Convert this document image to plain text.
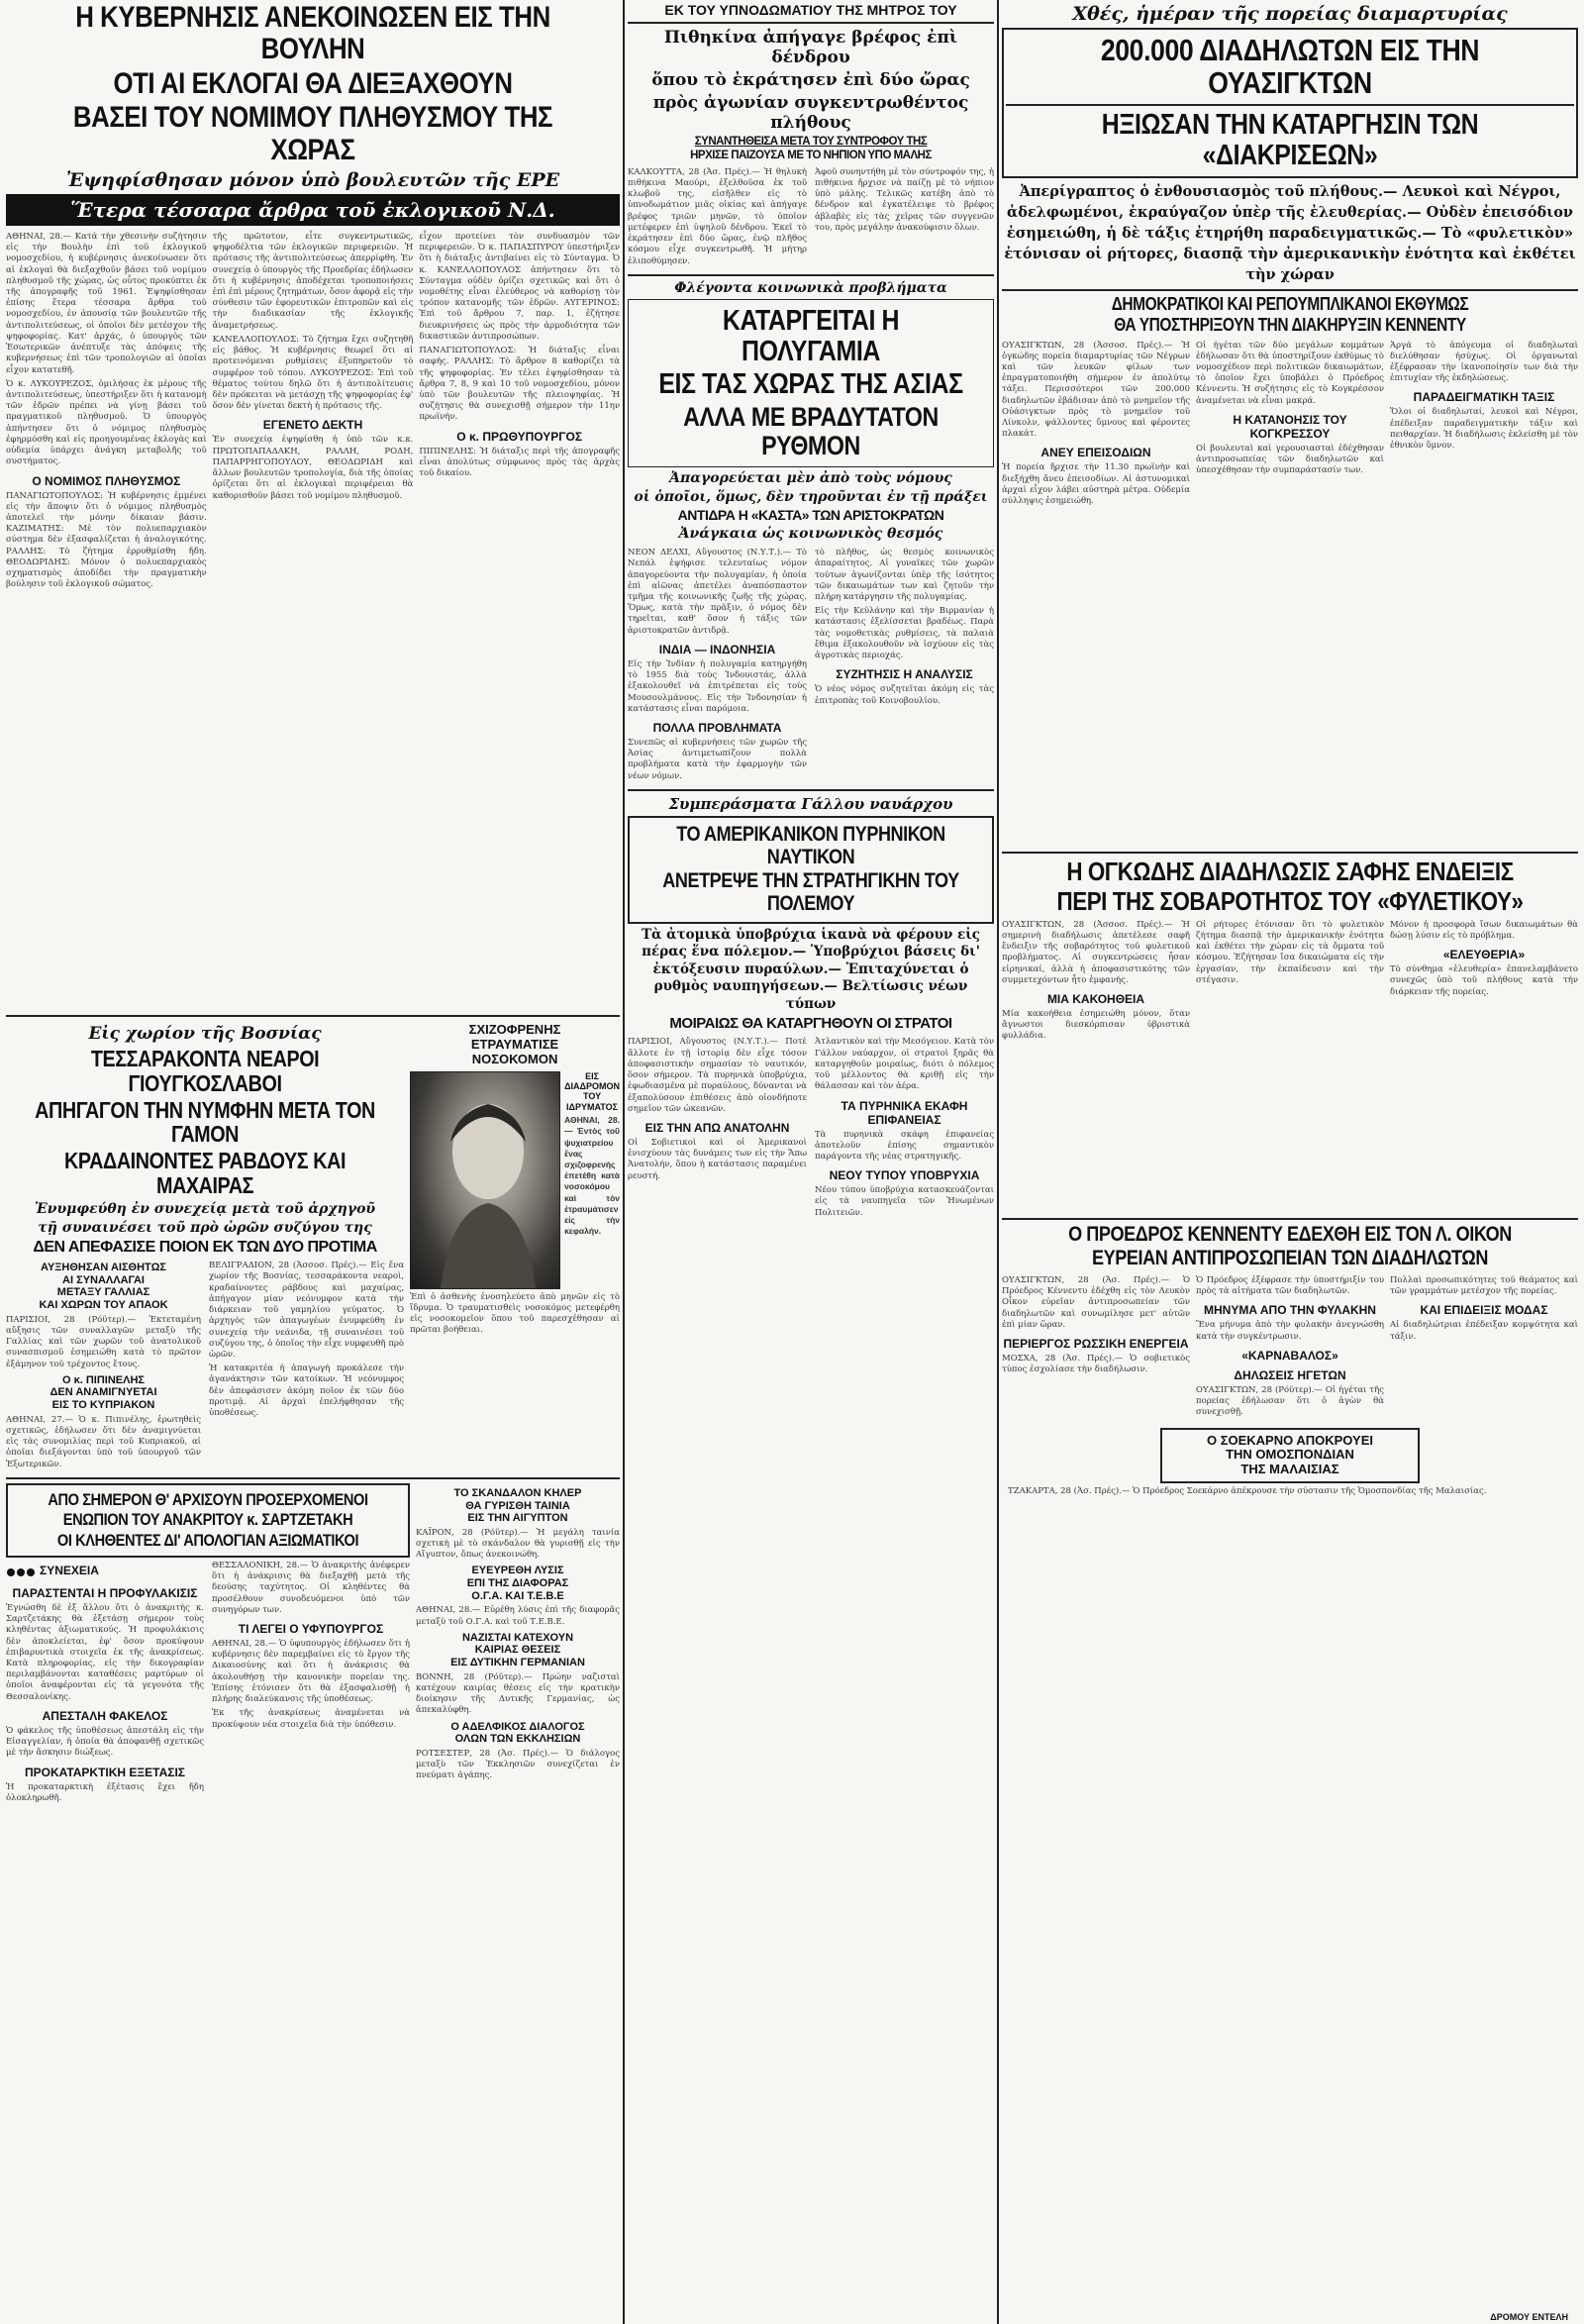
Η ΚΥΒΕΡΝΗΣΙΣ ΑΝΕΚΟΙΝΩΣΕΝ ΕΙΣ ΤΗΝ ΒΟΥΛΗΝ
ΟΤΙ ΑΙ ΕΚΛΟΓΑΙ ΘΑ ΔΙΕΞΑΧΘΟΥΝ
ΒΑΣΕΙ ΤΟΥ ΝΟΜΙΜΟΥ ΠΛΗΘΥΣΜΟΥ ΤΗΣ ΧΩΡΑΣ
Ἐψηφίσθησαν μόνον ὑπὸ βουλευτῶν τῆς ΕΡΕ
Ἕτερα τέσσαρα ἄρθρα τοῦ ἐκλογικοῦ Ν.Δ.

ΑΘΗΝΑΙ, 28.— Κατά τὴν χθεσινὴν συζήτησιν εἰς τὴν Βουλὴν ἐπὶ τοῦ ἐκλογικοῦ νομοσχεδίου, ἡ κυβέρνησις ἀνεκοίνωσεν ὅτι αἱ ἐκλογαὶ θὰ διεξαχθοῦν βάσει τοῦ νομίμου πληθυσμοῦ τῆς χώρας, ὡς οὗτος προκύπτει ἐκ τῆς ἀπογραφῆς τοῦ 1961. Ἐψηφίσθησαν ἐπίσης ἕτερα τέσσαρα ἄρθρα τοῦ νομοσχεδίου, ἐν ἀπουσίᾳ τῶν βουλευτῶν τῆς ἀντιπολιτεύσεως, οἱ ὁποῖοι δὲν μετέσχον τῆς ψηφοφορίας. Κατ' ἀρχάς, ὁ ὑπουργὸς τῶν Ἐσωτερικῶν ἀνέπτυξε τὰς ἀπόψεις τῆς κυβερνήσεως ἐπὶ τῶν τροπολογιῶν αἱ ὁποῖαι εἶχον κατατεθῆ.

Ὁ κ. ΛΥΚΟΥΡΕΖΟΣ, ὁμιλήσας ἐκ μέρους τῆς ἀντιπολιτεύσεως, ὑπεστήριξεν ὅτι ἡ κατανομὴ τῶν ἑδρῶν πρέπει νὰ γίνῃ βάσει τοῦ πραγματικοῦ πληθυσμοῦ. Ὁ ὑπουργὸς ἀπήντησεν ὅτι ὁ νόμιμος πληθυσμὸς ἐφηρμόσθη καὶ εἰς προηγουμένας ἐκλογὰς καὶ οὐδεμία ὑπάρχει ἀνάγκη μεταβολῆς τοῦ συστήματος.

Ο ΝΟΜΙΜΟΣ ΠΛΗΘΥΣΜΟΣ

ΠΑΝΑΓΙΩΤΟΠΟΥΛΟΣ: Ἡ κυβέρνησις ἐμμένει εἰς τὴν ἄποψιν ὅτι ὁ νόμιμος πληθυσμὸς ἀποτελεῖ τὴν μόνην δίκαιαν βάσιν. ΚΑΖΙΜΑΤΗΣ: Μὲ τὸν πολυεπαρχιακὸν σύστημα δὲν ἐξασφαλίζεται ἡ ἀναλογικότης. ΡΑΛΛΗΣ: Τὸ ζήτημα ἐρρυθμίσθη ἤδη. ΘΕΟΔΩΡΙΔΗΣ: Μόνον ὁ πολυεπαρχιακὸς σχηματισμὸς ἀποδίδει τὴν πραγματικὴν βούλησιν τοῦ ἐκλογικοῦ σώματος.

τῆς πρῶτοτον, εἶτε συγκεντρωτικῶς, ψηφοδέλτια τῶν ἐκλογικῶν περιφερειῶν. Ἡ πρότασις τῆς ἀντιπολιτεύσεως ἀπερρίφθη. Ἐν συνεχείᾳ ὁ ὑπουργὸς τῆς Προεδρίας ἐδήλωσεν ὅτι ἡ κυβέρνησις ἀποδέχεται τροποποιήσεις ἐπὶ ἐπὶ μέρους ζητημάτων, ὅσον ἀφορᾷ εἰς τὴν σύνθεσιν τῶν ἐφορευτικῶν ἐπιτροπῶν καὶ εἰς τὴν διαδικασίαν τῆς ἐκλογικῆς ἀναμετρήσεως.

ΚΑΝΕΛΛΟΠΟΥΛΟΣ: Τὸ ζήτημα ἔχει συζητηθῆ εἰς βάθος. Ἡ κυβέρνησις θεωρεῖ ὅτι αἱ προτεινόμεναι ρυθμίσεις ἐξυπηρετοῦν τὸ συμφέρον τοῦ τόπου. ΛΥΚΟΥΡΕΖΟΣ: Ἐπὶ τοῦ θέματος τούτου δηλῶ ὅτι ἡ ἀντιπολίτευσις δὲν πρόκειται νὰ μετάσχῃ τῆς ψηφοφορίας ἐφ' ὅσον δὲν γίνεται δεκτὴ ἡ πρότασις τῆς.

ΕΓΕΝΕΤΟ ΔΕΚΤΗ

Ἐν συνεχείᾳ ἐψηφίσθη ἡ ὑπὸ τῶν κ.κ. ΠΡΩΤΟΠΑΠΑΔΑΚΗ, ΡΑΛΛΗ, ΡΟΔΗ, ΠΑΠΑΡΡΗΓΟΠΟΥΛΟΥ, ΘΕΟΔΩΡΙΔΗ καὶ ἄλλων βουλευτῶν τροπολογία, διὰ τῆς ὁποίας ὁρίζεται ὅτι αἱ ἐκλογικαὶ περιφέρειαι θὰ καθορισθοῦν βάσει τοῦ νομίμου πληθυσμοῦ.

εἶχον προτείνει τὸν συνδυασμὸν τῶν περιφερειῶν. Ὁ κ. ΠΑΠΑΣΠΥΡΟΥ ὑπεστήριξεν ὅτι ἡ διάταξις ἀντιβαίνει εἰς τὸ Σύνταγμα. Ὁ κ. ΚΑΝΕΛΛΟΠΟΥΛΟΣ ἀπήντησεν ὅτι τὸ Σύνταγμα οὐδὲν ὁρίζει σχετικῶς καὶ ὅτι ὁ νομοθέτης εἶναι ἐλεύθερος νὰ καθορίσῃ τὸν τρόπον κατανομῆς τῶν ἑδρῶν. ΑΥΓΕΡΙΝΟΣ: Ἐπὶ τοῦ ἄρθρου 7, παρ. 1, ἐζήτησε διευκρινήσεις ὡς πρὸς τὴν ἀρμοδιότητα τῶν δικαστικῶν ἀντιπροσώπων.

ΠΑΝΑΓΙΩΤΟΠΟΥΛΟΣ: Ἡ διάταξις εἶναι σαφής. ΡΑΛΛΗΣ: Τὸ ἄρθρον 8 καθορίζει τὰ τῆς ψηφοφορίας. Ἐν τέλει ἐψηφίσθησαν τὰ ἄρθρα 7, 8, 9 καὶ 10 τοῦ νομοσχεδίου, μόνον ὑπὸ τῶν βουλευτῶν τῆς πλειοψηφίας. Ἡ συζήτησις θὰ συνεχισθῇ σήμερον τὴν 11ην πρωϊνήν.

Ο κ. ΠΡΩΘΥΠΟΥΡΓΟΣ

ΠΙΠΙΝΕΛΗΣ: Ἡ διάταξις περὶ τῆς ἀπογραφῆς εἶναι ἀπολύτως σύμφωνος πρὸς τὰς ἀρχὰς τοῦ δικαίου.

Εἰς χωρίον τῆς Βοσνίας
ΤΕΣΣΑΡΑΚΟΝΤΑ ΝΕΑΡΟΙ ΓΙΟΥΓΚΟΣΛΑΒΟΙ
ΑΠΗΓΑΓΟΝ ΤΗΝ ΝΥΜΦΗΝ ΜΕΤΑ ΤΟΝ ΓΑΜΟΝ
ΚΡΑΔΑΙΝΟΝΤΕΣ ΡΑΒΔΟΥΣ ΚΑΙ ΜΑΧΑΙΡΑΣ
Ἐνυμφεύθη ἐν συνεχείᾳ μετὰ τοῦ ἀρχηγοῦ
τῇ συναινέσει τοῦ πρὸ ὡρῶν συζύγου της
ΔΕΝ ΑΠΕΦΑΣΙΣΕ ΠΟΙΟΝ ΕΚ ΤΩΝ ΔΥΟ ΠΡΟΤΙΜΑ
ΑΥΞΗΘΗΣΑΝ ΑΙΣΘΗΤΩΣ
ΑΙ ΣΥΝΑΛΛΑΓΑΙ
ΜΕΤΑΞΥ ΓΑΛΛΙΑΣ
ΚΑΙ ΧΩΡΩΝ ΤΟΥ ΑΠΑΟΚ

ΠΑΡΙΣΙΟΙ, 28 (Ρόϋτερ).— Ἐκτεταμένη αὔξησις τῶν συναλλαγῶν μεταξὺ τῆς Γαλλίας καὶ τῶν χωρῶν τοῦ ἀνατολικοῦ συνασπισμοῦ ἐσημειώθη κατὰ τὸ πρῶτον ἑξάμηνον τοῦ τρέχοντος ἔτους.

Ο κ. ΠΙΠΙΝΕΛΗΣ
ΔΕΝ ΑΝΑΜΙΓΝΥΕΤΑΙ
ΕΙΣ ΤΟ ΚΥΠΡΙΑΚΟΝ

ΑΘΗΝΑΙ, 27.— Ὁ κ. Πιπινέλης, ἐρωτηθεὶς σχετικῶς, ἐδήλωσεν ὅτι δὲν ἀναμιγνύεται εἰς τὰς συνομιλίας περὶ τοῦ Κυπριακοῦ, αἱ ὁποῖαι διεξάγονται ὑπὸ τοῦ ὑπουργοῦ τῶν Ἐξωτερικῶν.

ΒΕΛΙΓΡΑΔΙΟΝ, 28 (Ἀσσοσ. Πρές).— Εἰς ἕνα χωρίον τῆς Βοσνίας, τεσσαράκοντα νεαροὶ, κραδαίνοντες ράβδους καὶ μαχαίρας, ἀπήγαγον μίαν νεόνυμφον κατὰ τὴν διάρκειαν τοῦ γαμηλίου γεύματος. Ὁ ἀρχηγὸς τῶν ἀπαγωγέων ἐνυμφεύθη ἐν συνεχείᾳ τὴν νεάνιδα, τῇ συναινέσει τοῦ συζύγου της, ὁ ὁποῖος τὴν εἶχε νυμφευθῆ πρὸ ὡρῶν.

Ἡ κατακριτέα ἡ ἀπαγωγὴ προκάλεσε τὴν ἀγανάκτησιν τῶν κατοίκων. Ἡ νεόνυμφος δὲν ἀπεφάσισεν ἀκόμη ποῖον ἐκ τῶν δύο προτιμᾷ. Αἱ ἀρχαὶ ἐπελήφθησαν τῆς ὑποθέσεως.

ΣΧΙΖΟΦΡΕΝΗΣ
ΕΤΡΑΥΜΑΤΙΣΕ
ΝΟΣΟΚΟΜΟΝ
ΕΙΣ ΔΙΑΔΡΟΜΟΝ
ΤΟΥ ΙΔΡΥΜΑΤΟΣ

ΑΘΗΝΑΙ, 28.— Ἐντὸς τοῦ ψυχιατρείου ἕνας σχιζοφρενὴς ἐπετέθη κατὰ νοσοκόμου καὶ τὸν ἐτραυμάτισεν εἰς τὴν κεφαλήν.

Ἐπὶ ὁ ἀσθενὴς ἐνοσηλεύετο ἀπὸ μηνῶν εἰς τὸ ἵδρυμα. Ὁ τραυματισθεὶς νοσοκόμος μετεφέρθη εἰς νοσοκομεῖον ὅπου τοῦ παρεσχέθησαν αἱ πρῶται βοήθειαι.

ΑΠΟ ΣΗΜΕΡΟΝ Θ' ΑΡΧΙΣΟΥΝ ΠΡΟΣΕΡΧΟΜΕΝΟΙ
ΕΝΩΠΙΟΝ ΤΟΥ ΑΝΑΚΡΙΤΟΥ κ. ΣΑΡΤΖΕΤΑΚΗ
ΟΙ ΚΛΗΘΕΝΤΕΣ ΔΙ' ΑΠΟΛΟΓΙΑΝ ΑΞΙΩΜΑΤΙΚΟΙ
ΣΥΝΕΧΕΙΑ
ΠΑΡΑΣΤΕΝΤΑΙ Η ΠΡΟΦΥΛΑΚΙΣΙΣ

Ἐγνώσθη δὲ ἐξ ἄλλου ὅτι ὁ ἀνακριτὴς κ. Σαρτζετάκης θὰ ἐξετάσῃ σήμερον τοὺς κληθέντας ἀξιωματικούς. Ἡ προφυλάκισις δὲν ἀποκλείεται, ἐφ' ὅσον προκύψουν ἐπιβαρυντικὰ στοιχεῖα ἐκ τῆς ἀνακρίσεως. Κατὰ πληροφορίας, εἰς τὴν δικογραφίαν περιλαμβάνονται καταθέσεις μαρτύρων οἱ ὁποῖοι ἀναφέρονται εἰς τὰ γεγονότα τῆς Θεσσαλονίκης.

ΑΠΕΣΤΑΛΗ ΦΑΚΕΛΟΣ

Ὁ φάκελος τῆς ὑποθέσεως ἀπεστάλη εἰς τὴν Εἰσαγγελίαν, ἡ ὁποία θὰ ἀποφανθῇ σχετικῶς μὲ τὴν ἄσκησιν διώξεως.

ΠΡΟΚΑΤΑΡΚΤΙΚΗ ΕΞΕΤΑΣΙΣ

Ἡ προκαταρκτικὴ ἐξέτασις ἔχει ἤδη ὁλοκληρωθῆ.

ΘΕΣΣΑΛΟΝΙΚΗ, 28.— Ὁ ἀνακριτὴς ἀνέφερεν ὅτι ἡ ἀνάκρισις θὰ διεξαχθῇ μετὰ τῆς δεούσης ταχύτητος. Οἱ κληθέντες θὰ προσέλθουν συνοδευόμενοι ὑπὸ τῶν συνηγόρων των.

ΤΙ ΛΕΓΕΙ Ο ΥΦΥΠΟΥΡΓΟΣ

ΑΘΗΝΑΙ, 28.— Ὁ ὑφυπουργὸς ἐδήλωσεν ὅτι ἡ κυβέρνησις δὲν παρεμβαίνει εἰς τὸ ἔργον τῆς Δικαιοσύνης καὶ ὅτι ἡ ἀνάκρισις θὰ ἀκολουθήσῃ τὴν κανονικὴν πορείαν της. Ἐπίσης ἐτόνισεν ὅτι θὰ ἐξασφαλισθῇ ἡ πλήρης διαλεύκανσις τῆς ὑποθέσεως.

Ἐκ τῆς ἀνακρίσεως ἀναμένεται νὰ προκύψουν νέα στοιχεῖα διὰ τὴν ὑπόθεσιν.

ΤΟ ΣΚΑΝΔΑΛΟΝ ΚΗΛΕΡ
ΘΑ ΓΥΡΙΣΘΗ ΤΑΙΝΙΑ
ΕΙΣ ΤΗΝ ΑΙΓΥΠΤΟΝ

ΚΑΪΡΟΝ, 28 (Ρόϋτερ).— Ἡ μεγάλη ταινία σχετικὴ μὲ τὸ σκάνδαλον θὰ γυρισθῇ εἰς τὴν Αἴγυπτον, ὅπως ἀνεκοινώθη.

ΕΥΕΥΡΕΘΗ ΛΥΣΙΣ
ΕΠΙ ΤΗΣ ΔΙΑΦΟΡΑΣ
Ο.Γ.Α. ΚΑΙ Τ.Ε.Β.Ε

ΑΘΗΝΑΙ, 28.— Εὑρέθη λύσις ἐπὶ τῆς διαφορᾶς μεταξὺ τοῦ Ο.Γ.Α. καὶ τοῦ Τ.Ε.Β.Ε.

ΝΑΖΙΣΤΑΙ ΚΑΤΕΧΟΥΝ
ΚΑΙΡΙΑΣ ΘΕΣΕΙΣ
ΕΙΣ ΔΥΤΙΚΗΝ ΓΕΡΜΑΝΙΑΝ

ΒΟΝΝΗ, 28 (Ρόϋτερ).— Πρώην ναζισταὶ κατέχουν καιρίας θέσεις εἰς τὴν κρατικὴν διοίκησιν τῆς Δυτικῆς Γερμανίας, ὡς ἀπεκαλύφθη.

Ο ΑΔΕΛΦΙΚΟΣ ΔΙΑΛΟΓΟΣ
ΟΛΩΝ ΤΩΝ ΕΚΚΛΗΣΙΩΝ

ΡΟΤΣΕΣΤΕΡ, 28 (Ἀσ. Πρές).— Ὁ διάλογος μεταξὺ τῶν Ἐκκλησιῶν συνεχίζεται ἐν πνεύματι ἀγάπης.

ΕΚ ΤΟΥ ΥΠΝΟΔΩΜΑΤΙΟΥ ΤΗΣ ΜΗΤΡΟΣ ΤΟΥ
Πιθηκίνα ἀπήγαγε βρέφος ἐπὶ δένδρου
ὅπου τὸ ἐκράτησεν ἐπὶ δύο ὥρας
πρὸς ἀγωνίαν συγκεντρωθέντος πλήθους
ΣΥΝΑΝΤΗΘΕΙΣΑ ΜΕΤΑ ΤΟΥ ΣΥΝΤΡΟΦΟΥ ΤΗΣ
ΗΡΧΙΣΕ ΠΑΙΖΟΥΣΑ ΜΕ ΤΟ ΝΗΠΙΟΝ ΥΠΟ ΜΑΛΗΣ

ΚΑΛΚΟΥΤΤΑ, 28 (Ἀσ. Πρές).— Ἡ θηλυκὴ πιθήκινα Μαούρι, ἐξελθοῦσα ἐκ τοῦ κλωβοῦ της, εἰσῆλθεν εἰς τὸ ὑπνοδωμάτιον μιᾶς οἰκίας καὶ ἀπήγαγε βρέφος τριῶν μηνῶν, τὸ ὁποῖον μετέφερεν ἐπὶ ὑψηλοῦ δένδρου. Ἐκεῖ τὸ ἐκράτησεν ἐπὶ δύο ὥρας, ἐνῷ πλῆθος κόσμου εἶχε συγκεντρωθῆ. Ἡ μήτηρ ἐλιποθύμησεν.

Ἀφοῦ συνηντήθη μὲ τὸν σύντροφόν της, ἡ πιθήκινα ἤρχισε νὰ παίζῃ μὲ τὸ νήπιον ὑπὸ μάλης. Τελικῶς κατέβη ἀπὸ τὸ δένδρον καὶ ἐγκατέλειψε τὸ βρέφος ἀβλαβὲς εἰς τὰς χεῖρας τῶν συγγενῶν του, πρὸς μεγάλην ἀνακούφισιν ὅλων.

Φλέγοντα κοινωνικὰ προβλήματα
ΚΑΤΑΡΓΕΙΤΑΙ Η ΠΟΛΥΓΑΜΙΑ
ΕΙΣ ΤΑΣ ΧΩΡΑΣ ΤΗΣ ΑΣΙΑΣ
ΑΛΛΑ ΜΕ ΒΡΑΔΥΤΑΤΟΝ ΡΥΘΜΟΝ
Ἀπαγορεύεται μὲν ἀπὸ τοὺς νόμους
οἱ ὁποῖοι, ὅμως, δὲν τηροῦνται ἐν τῇ πράξει
ΑΝΤΙΔΡΑ Η «ΚΑΣΤΑ» ΤΩΝ ΑΡΙΣΤΟΚΡΑΤΩΝ
Ἀνάγκαια ὡς κοινωνικὸς θεσμός

ΝΕΟΝ ΔΕΛΧΙ, Αὔγουστος (Ν.Υ.Τ.).— Τὸ Νεπάλ ἐψήφισε τελευταίως νόμον ἀπαγορεύοντα τὴν πολυγαμίαν, ἡ ὁποία ἐπὶ αἰῶνας ἀπετέλει ἀναπόσπαστον τμῆμα τῆς κοινωνικῆς ζωῆς τῆς χώρας. Ὅμως, κατὰ τὴν πρᾶξιν, ὁ νόμος δὲν τηρεῖται, καθ' ὅσον ἡ τάξις τῶν ἀριστοκρατῶν ἀντιδρᾷ.

ΙΝΔΙΑ — ΙΝΔΟΝΗΣΙΑ

Εἰς τὴν Ἰνδίαν ἡ πολυγαμία κατηργήθη τὸ 1955 διὰ τοὺς Ἰνδουιστάς, ἀλλὰ ἐξακολουθεῖ νὰ ἐπιτρέπεται εἰς τοὺς Μουσουλμάνους. Εἰς τὴν Ἰνδονησίαν ἡ κατάστασις εἶναι παρόμοια.

ΠΟΛΛΑ ΠΡΟΒΛΗΜΑΤΑ

Συνεπῶς αἱ κυβερνήσεις τῶν χωρῶν τῆς Ἀσίας ἀντιμετωπίζουν πολλὰ προβλήματα κατὰ τὴν ἐφαρμογὴν τῶν νέων νόμων.

τὸ πλῆθος, ὡς θεσμὸς κοινωνικὸς ἀπαραίτητος. Αἱ γυναῖκες τῶν χωρῶν τούτων ἀγωνίζονται ὑπὲρ τῆς ἰσότητος τῶν δικαιωμάτων των καὶ ζητοῦν τὴν πλήρη κατάργησιν τῆς πολυγαμίας.

Εἰς τὴν Κεϋλάνην καὶ τὴν Βιρμανίαν ἡ κατάστασις ἐξελίσσεται βραδέως. Παρὰ τὰς νομοθετικὰς ρυθμίσεις, τὰ παλαιὰ ἔθιμα ἐξακολουθοῦν νὰ ἰσχύουν εἰς τὰς ἀγροτικὰς περιοχάς.

ΣΥΖΗΤΗΣΙΣ Η ΑΝΑΛΥΣΙΣ

Ὁ νέος νόμος συζητεῖται ἀκόμη εἰς τὰς ἐπιτροπὰς τοῦ Κοινοβουλίου.

Συμπεράσματα Γάλλου ναυάρχου
ΤΟ ΑΜΕΡΙΚΑΝΙΚΟΝ ΠΥΡΗΝΙΚΟΝ ΝΑΥΤΙΚΟΝ
ΑΝΕΤΡΕΨΕ ΤΗΝ ΣΤΡΑΤΗΓΙΚΗΝ ΤΟΥ ΠΟΛΕΜΟΥ
Τὰ ἀτομικὰ ὑποβρύχια ἱκανὰ νὰ φέρουν εἰς πέρας ἕνα πόλεμον.— Ὑποβρύχιοι βάσεις δι' ἐκτόξευσιν πυραύλων.— Ἐπιταχύνεται ὁ ρυθμὸς ναυπηγήσεων.— Βελτίωσις νέων τύπων
ΜΟΙΡΑΙΩΣ ΘΑ ΚΑΤΑΡΓΗΘΟΥΝ ΟΙ ΣΤΡΑΤΟΙ

ΠΑΡΙΣΙΟΙ, Αὔγουστος (Ν.Υ.Τ.).— Ποτὲ ἄλλοτε ἐν τῇ ἱστορίᾳ δὲν εἶχε τόσον ἀποφασιστικὴν σημασίαν τὸ ναυτικόν, ὅσον σήμερον. Τὰ πυρηνικὰ ὑποβρύχια, ἐφωδιασμένα μὲ πυραύλους, δύνανται νὰ ἐξαπολύσουν ἐπιθέσεις ἀπὸ οἱονδήποτε σημεῖον τῶν ὠκεανῶν.

ΕΙΣ ΤΗΝ ΑΠΩ ΑΝΑΤΟΛΗΝ

Οἱ Σοβιετικοὶ καὶ οἱ Ἀμερικανοὶ ἐνισχύουν τὰς δυνάμεις των εἰς τὴν Ἄπω Ἀνατολήν, ὅπου ἡ κατάστασις παραμένει ρευστή.

Ἀτλαντικὸν καὶ τὴν Μεσόγειον. Κατὰ τὸν Γάλλον ναύαρχον, οἱ στρατοὶ ξηρᾶς θὰ καταργηθοῦν μοιραίως, διότι ὁ πόλεμος τοῦ μέλλοντος θὰ κριθῇ εἰς τὴν θάλασσαν καὶ τὸν ἀέρα.

ΤΑ ΠΥΡΗΝΙΚΑ ΕΚΑΦΗ ΕΠΙΦΑΝΕΙΑΣ

Τὰ πυρηνικὰ σκάφη ἐπιφανείας ἀποτελοῦν ἐπίσης σημαντικὸν παράγοντα τῆς νέας στρατηγικῆς.

ΝΕΟΥ ΤΥΠΟΥ ΥΠΟΒΡΥΧΙΑ

Νέου τύπου ὑποβρύχια κατασκευάζονται εἰς τὰ ναυπηγεῖα τῶν Ἡνωμένων Πολιτειῶν.

Χθές, ἡμέραν τῆς πορείας διαμαρτυρίας
200.000 ΔΙΑΔΗΛΩΤΩΝ ΕΙΣ ΤΗΝ ΟΥΑΣΙΓΚΤΩΝ
ΗΞΙΩΣΑΝ ΤΗΝ ΚΑΤΑΡΓΗΣΙΝ ΤΩΝ «ΔΙΑΚΡΙΣΕΩΝ»
Ἀπερίγραπτος ὁ ἐνθουσιασμὸς τοῦ πλήθους.— Λευκοὶ καὶ Νέγροι, ἀδελφωμένοι, ἐκραύγαζον ὑπὲρ τῆς ἐλευθερίας.— Οὐδὲν ἐπεισόδιον ἐσημειώθη, ἡ δὲ τάξις ἐτηρήθη παραδειγματικῶς.— Τὸ «φυλετικὸν» ἐτόνισαν οἱ ρήτορες, διασπᾷ τὴν ἀμερικανικὴν ἑνότητα καὶ ἐκθέτει τὴν χώραν
ΔΗΜΟΚΡΑΤΙΚΟΙ ΚΑΙ ΡΕΠΟΥΜΠΛΙΚΑΝΟΙ ΕΚΘΥΜΩΣ
ΘΑ ΥΠΟΣΤΗΡΙΞΟΥΝ ΤΗΝ ΔΙΑΚΗΡΥΞΙΝ ΚΕΝΝΕΝΤΥ

ΟΥΑΣΙΓΚΤΩΝ, 28 (Ἀσσοσ. Πρές).— Ἡ ὀγκώδης πορεία διαμαρτυρίας τῶν Νέγρων καὶ τῶν λευκῶν φίλων των ἐπραγματοποιήθη σήμερον ἐν ἀπολύτῳ τάξει. Περισσότεροι τῶν 200.000 διαδηλωτῶν ἐβάδισαν ἀπὸ τὸ μνημεῖον τῆς Οὐάσιγκτων πρὸς τὸ μνημεῖον τοῦ Λίνκολν, ψάλλοντες ὕμνους καὶ φέροντες πλακάτ.

ΑΝΕΥ ΕΠΕΙΣΟΔΙΩΝ

Ἡ πορεία ἤρχισε τὴν 11.30 πρωϊνὴν καὶ διεξήχθη ἄνευ ἐπεισοδίων. Αἱ ἀστυνομικαὶ ἀρχαὶ εἶχον λάβει αὐστηρὰ μέτρα. Οὐδεμία σύλληψις ἐσημειώθη.

Οἱ ἡγέται τῶν δύο μεγάλων κομμάτων ἐδήλωσαν ὅτι θὰ ὑποστηρίξουν ἐκθύμως τὸ νομοσχέδιον περὶ πολιτικῶν δικαιωμάτων, τὸ ὁποῖον ἔχει ὑποβάλει ὁ Πρόεδρος Κέννεντυ. Ἡ συζήτησις εἰς τὸ Κογκρέσσον ἀναμένεται νὰ εἶναι μακρά.

Η ΚΑΤΑΝΟΗΣΙΣ ΤΟΥ ΚΟΓΚΡΕΣΣΟΥ

Οἱ βουλευταὶ καὶ γερουσιασταὶ ἐδέχθησαν ἀντιπροσωπείας τῶν διαδηλωτῶν καὶ ὑπεσχέθησαν τὴν συμπαράστασίν των.

Ἀργά τὸ ἀπόγευμα οἱ διαδηλωταὶ διελύθησαν ἡσύχως. Οἱ ὀργανωταὶ ἐξέφρασαν τὴν ἱκανοποίησίν των διὰ τὴν ἐπιτυχίαν τῆς ἐκδηλώσεως.

ΠΑΡΑΔΕΙΓΜΑΤΙΚΗ ΤΑΞΙΣ

Ὅλοι οἱ διαδηλωταί, λευκοὶ καὶ Νέγροι, ἐπέδειξαν παραδειγματικὴν τάξιν καὶ πειθαρχίαν. Ἡ διαδήλωσις ἐκλείσθη μὲ τὸν ἐθνικὸν ὕμνον.

Η ΟΓΚΩΔΗΣ ΔΙΑΔΗΛΩΣΙΣ ΣΑΦΗΣ ΕΝΔΕΙΞΙΣ
ΠΕΡΙ ΤΗΣ ΣΟΒΑΡΟΤΗΤΟΣ ΤΟΥ «ΦΥΛΕΤΙΚΟΥ»

ΟΥΑΣΙΓΚΤΩΝ, 28 (Ἀσσοσ. Πρές).— Ἡ σημερινὴ διαδήλωσις ἀπετέλεσε σαφῆ ἔνδειξιν τῆς σοβαρότητος τοῦ φυλετικοῦ προβλήματος. Αἱ συγκεντρώσεις ἦσαν εἰρηνικαί, ἀλλὰ ἡ ἀποφασιστικότης τῶν συμμετεχόντων ἦτο ἐμφανής.

ΜΙΑ ΚΑΚΟΗΘΕΙΑ

Μία κακοήθεια ἐσημειώθη μόνον, ὅταν ἄγνωστοι διεσκόρπισαν ὑβριστικὰ φυλλάδια.

Οἱ ρήτορες ἐτόνισαν ὅτι τὸ φυλετικὸν ζήτημα διασπᾷ τὴν ἀμερικανικὴν ἑνότητα καὶ ἐκθέτει τὴν χώραν εἰς τὰ ὄμματα τοῦ κόσμου. Ἐζήτησαν ἴσα δικαιώματα εἰς τὴν ἐργασίαν, τὴν ἐκπαίδευσιν καὶ τὴν στέγασιν.

Μόνον ἡ προσφορὰ ἴσων δικαιωμάτων θὰ δώσῃ λύσιν εἰς τὸ πρόβλημα.

«ΕΛΕΥΘΕΡΙΑ»

Τὸ σύνθημα «ἐλευθερία» ἐπανελαμβάνετο συνεχῶς ὑπὸ τοῦ πλήθους κατὰ τὴν διάρκειαν τῆς πορείας.

Ο ΠΡΟΕΔΡΟΣ ΚΕΝΝΕΝΤΥ ΕΔΕΧΘΗ ΕΙΣ ΤΟΝ Λ. ΟΙΚΟΝ
ΕΥΡΕΙΑΝ ΑΝΤΙΠΡΟΣΩΠΕΙΑΝ ΤΩΝ ΔΙΑΔΗΛΩΤΩΝ

ΟΥΑΣΙΓΚΤΩΝ, 28 (Ἀσ. Πρές).— Ὁ Πρόεδρος Κέννεντυ ἐδέχθη εἰς τὸν Λευκὸν Οἶκον εὐρεῖαν ἀντιπροσωπείαν τῶν διαδηλωτῶν καὶ συνωμίλησε μετ' αὐτῶν ἐπὶ μίαν ὥραν.

ΠΕΡΙΕΡΓΟΣ ΡΩΣΣΙΚΗ ΕΝΕΡΓΕΙΑ

ΜΟΣΧΑ, 28 (Ἀσ. Πρές).— Ὁ σοβιετικὸς τύπος ἐσχολίασε τὴν διαδήλωσιν.

Ὁ Πρόεδρος ἐξέφρασε τὴν ὑποστήριξίν του πρὸς τὰ αἰτήματα τῶν διαδηλωτῶν.

ΜΗΝΥΜΑ ΑΠΟ ΤΗΝ ΦΥΛΑΚΗΝ

Ἕνα μήνυμα ἀπὸ τὴν φυλακὴν ἀνεγνώσθη κατὰ τὴν συγκέντρωσιν.

«ΚΑΡΝΑΒΑΛΟΣ»
ΔΗΛΩΣΕΙΣ ΗΓΕΤΩΝ

ΟΥΑΣΙΓΚΤΩΝ, 28 (Ρόϋτερ).— Οἱ ἡγέται τῆς πορείας ἐδήλωσαν ὅτι ὁ ἀγὼν θὰ συνεχισθῇ.

Πολλαὶ προσωπικότητες τοῦ θεάματος καὶ τῶν γραμμάτων μετέσχον τῆς πορείας.

ΚΑΙ ΕΠΙΔΕΙΞΙΣ ΜΟΔΑΣ

Αἱ διαδηλώτριαι ἐπέδειξαν κομψότητα καὶ τάξιν.

Ο ΣΟΕΚΑΡΝΟ ΑΠΟΚΡΟΥΕΙ
ΤΗΝ ΟΜΟΣΠΟΝΔΙΑΝ
ΤΗΣ ΜΑΛΑΙΣΙΑΣ

ΤΖΑΚΑΡΤΑ, 28 (Ἀσ. Πρές).— Ὁ Πρόεδρος Σοεκάρνο ἀπέκρουσε τὴν σύστασιν τῆς Ὁμοσπονδίας τῆς Μαλαισίας.

ΔΡΟΜΟΥ ΕΝΤΕΛΗ
